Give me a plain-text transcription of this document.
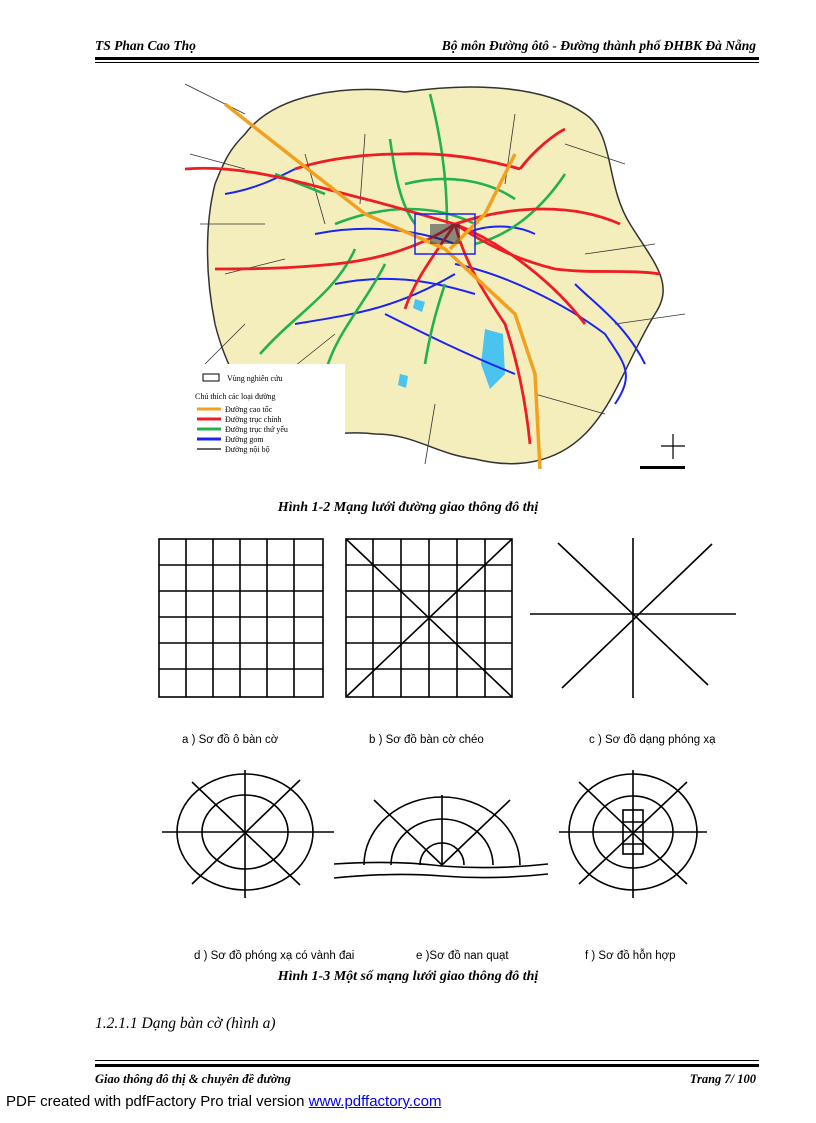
TS Phan Cao Thọ	Bộ môn Đường ôtô - Đường thành phố ĐHBK Đà Nẵng
Vùng nghiên cứu
Chú thích các loại đường
Đường cao tốc
Đường trục chính
Đường trục thứ yếu
Đường gom
Đường nội bộ
Hình 1-2 Mạng lưới đường giao thông đô thị
a ) Sơ đồ ô bàn cờ	b ) Sơ đồ bàn cờ chéo	c ) Sơ đồ dạng phóng xạ
d ) Sơ đồ phóng xạ có vành đai	e )Sơ đồ nan quạt	f ) Sơ đồ hỗn hợp
Hình 1-3 Một số mạng lưới giao thông đô thị
1.2.1.1 Dạng bàn cờ (hình a)
Giao thông đô thị & chuyên đề đường	Trang 7/ 100
PDF created with pdfFactory Pro trial version www.pdffactory.com
